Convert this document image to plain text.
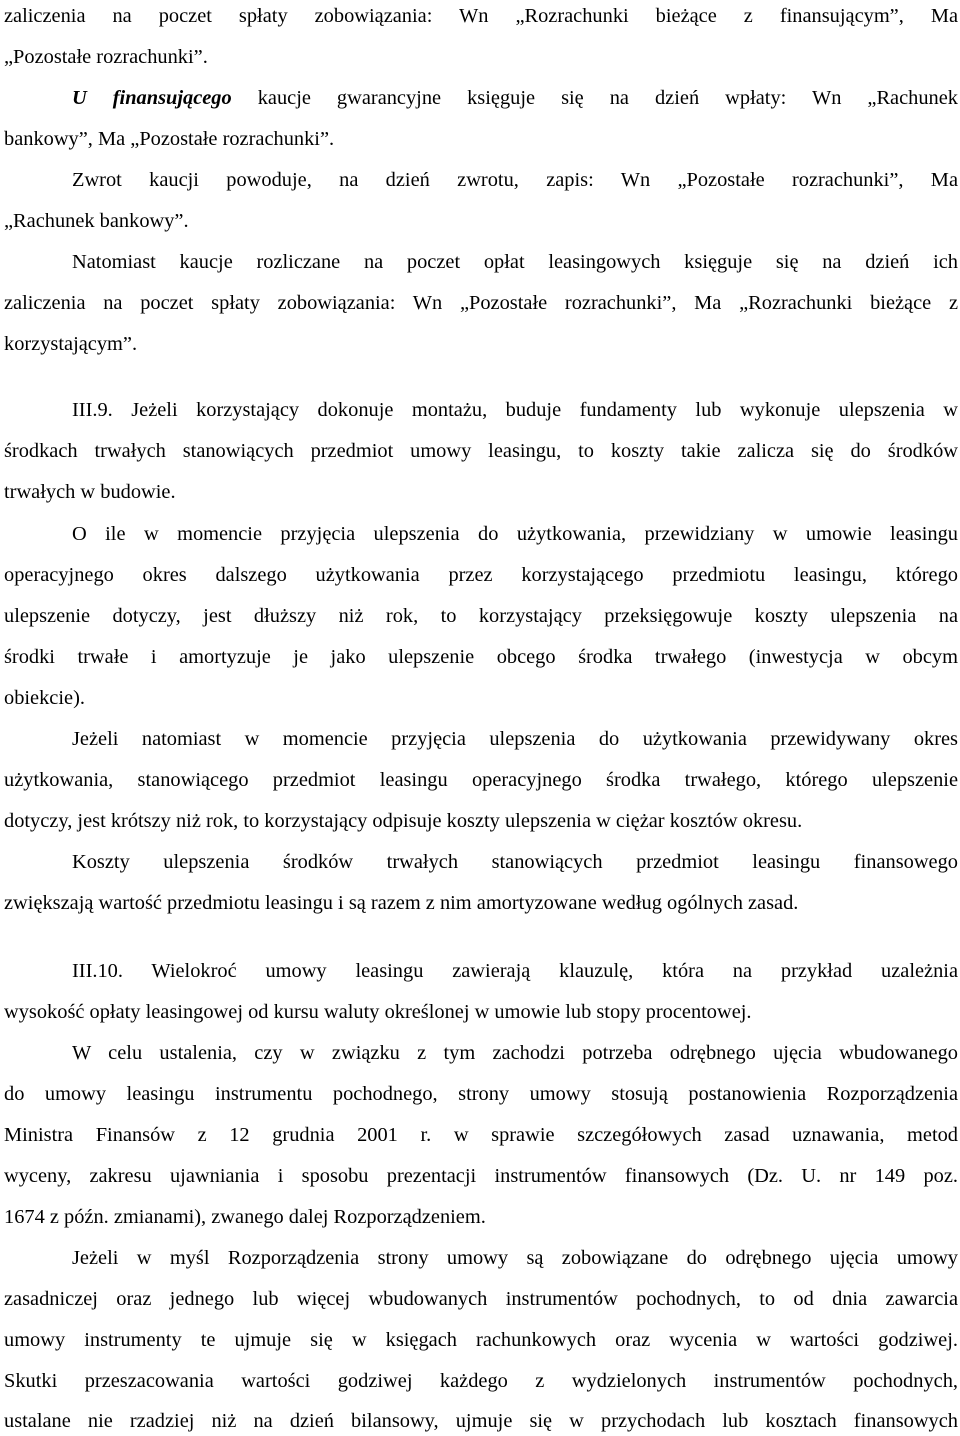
zaliczenia na poczet spłaty zobowiązania: Wn „Rozrachunki bieżące z finansującym”, Ma
„Pozostałe rozrachunki”.
U finansującego kaucje gwarancyjne księguje się na dzień wpłaty: Wn „Rachunek
bankowy”, Ma „Pozostałe rozrachunki”.
Zwrot kaucji powoduje, na dzień zwrotu, zapis: Wn „Pozostałe rozrachunki”, Ma
„Rachunek bankowy”.
Natomiast kaucje rozliczane na poczet opłat leasingowych księguje się na dzień ich
zaliczenia na poczet spłaty zobowiązania: Wn „Pozostałe rozrachunki”, Ma „Rozrachunki bieżące z
korzystającym”.
III.9. Jeżeli korzystający dokonuje montażu, buduje fundamenty lub wykonuje ulepszenia w
środkach trwałych stanowiących przedmiot umowy leasingu, to koszty takie zalicza się do środków
trwałych w budowie.
O ile w momencie przyjęcia ulepszenia do użytkowania, przewidziany w umowie leasingu
operacyjnego okres dalszego użytkowania przez korzystającego przedmiotu leasingu, którego
ulepszenie dotyczy, jest dłuższy niż rok, to korzystający przeksięgowuje koszty ulepszenia na
środki trwałe i amortyzuje je jako ulepszenie obcego środka trwałego (inwestycja w obcym
obiekcie).
Jeżeli natomiast w momencie przyjęcia ulepszenia do użytkowania przewidywany okres
użytkowania, stanowiącego przedmiot leasingu operacyjnego środka trwałego, którego ulepszenie
dotyczy, jest krótszy niż rok, to korzystający odpisuje koszty ulepszenia w ciężar kosztów okresu.
Koszty ulepszenia środków trwałych stanowiących przedmiot leasingu finansowego
zwiększają wartość przedmiotu leasingu i są razem z nim amortyzowane według ogólnych zasad.
III.10. Wielokroć umowy leasingu zawierają klauzulę, która na przykład uzależnia
wysokość opłaty leasingowej od kursu waluty określonej w umowie lub stopy procentowej.
W celu ustalenia, czy w związku z tym zachodzi potrzeba odrębnego ujęcia wbudowanego
do umowy leasingu instrumentu pochodnego, strony umowy stosują postanowienia Rozporządzenia
Ministra Finansów z 12 grudnia 2001 r. w sprawie szczegółowych zasad uznawania, metod
wyceny, zakresu ujawniania i sposobu prezentacji instrumentów finansowych (Dz. U. nr 149 poz.
1674 z późn. zmianami), zwanego dalej Rozporządzeniem.
Jeżeli w myśl Rozporządzenia strony umowy są zobowiązane do odrębnego ujęcia umowy
zasadniczej oraz jednego lub więcej wbudowanych instrumentów pochodnych, to od dnia zawarcia
umowy instrumenty te ujmuje się w księgach rachunkowych oraz wycenia w wartości godziwej.
Skutki przeszacowania wartości godziwej każdego z wydzielonych instrumentów pochodnych,
ustalane nie rzadziej niż na dzień bilansowy, ujmuje się w przychodach lub kosztach finansowych
